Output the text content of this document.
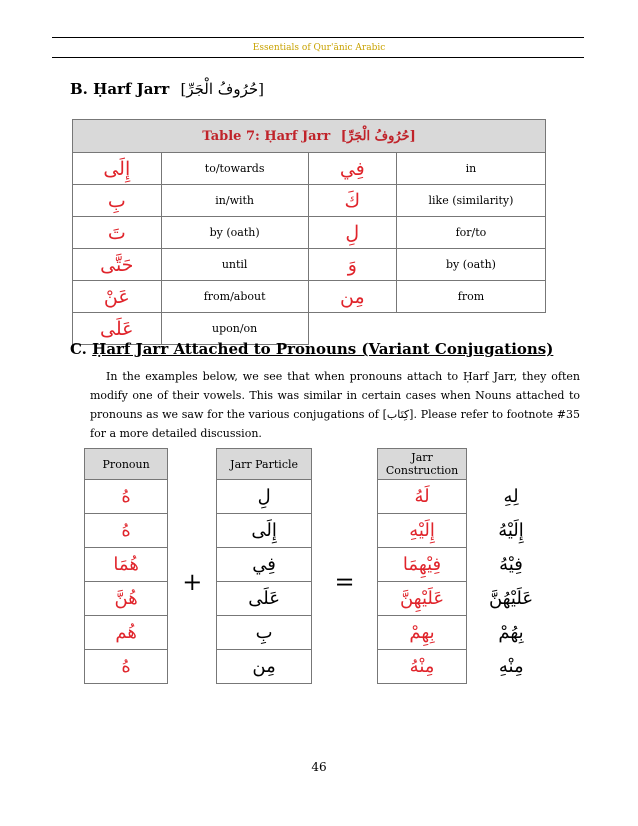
Essentials of Qur'ānic Arabic
B. Ḥarf Jarr [حُرُوفُ الْجَرِّ]
Table 7: Ḥarf Jarr [حُرُوفُ الْجَرِّ]			
إِلَى	to/towards	فِي	in
بِ	in/with	كَ	like (similarity)
تَ	by (oath)	لِ	for/to
حَتَّى	until	وَ	by (oath)
عَنْ	from/about	مِن	from
عَلَى	upon/on		
C. Ḥarf Jarr Attached to Pronouns (Variant Conjugations)
In the examples below, we see that when pronouns attach to Ḥarf Jarr, they often modify one of their vowels. This was similar in certain cases when Nouns attached to pronouns as we saw for the various conjugations of [كِتَاب]. Please refer to footnote #35 for a more detailed discussion.
Pronoun		Jarr Particle		Jarr Construction	
هُ	+	لِ	=	لَهُ	لِهِ
هُ		إِلَى		إِلَيْهِ	إِلَيْهُ
هُمَا		فِي		فِيْهِمَا	فِيْهُ
هُنَّ		عَلَى		عَلَيْهِنَّ	عَلَيْهُنَّ
هُم		بِ		بِهِمْ	بِهُمْ
هُ		مِن		مِنْهُ	مِنْهِ
46
